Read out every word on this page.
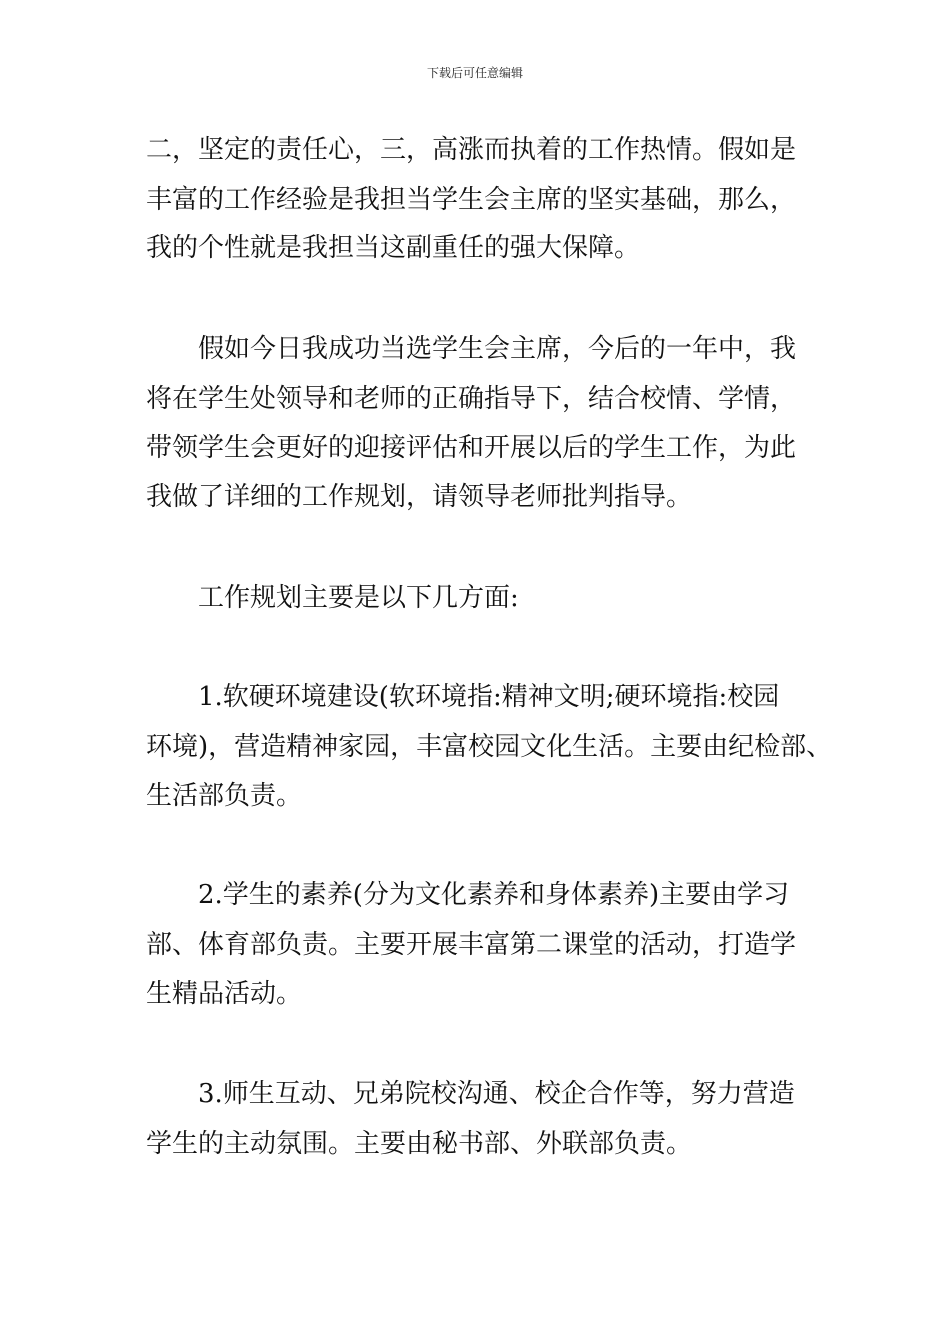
下载后可任意编辑
二，坚定的责任心，三，高涨而执着的工作热情。假如是
丰富的工作经验是我担当学生会主席的坚实基础，那么，
我的个性就是我担当这副重任的强大保障。
假如今日我成功当选学生会主席，今后的一年中，我
将在学生处领导和老师的正确指导下，结合校情、学情，
带领学生会更好的迎接评估和开展以后的学生工作，为此
我做了详细的工作规划，请领导老师批判指导。
工作规划主要是以下几方面:
1.软硬环境建设(软环境指:精神文明;硬环境指:校园
环境)，营造精神家园，丰富校园文化生活。主要由纪检部、
生活部负责。
2.学生的素养(分为文化素养和身体素养)主要由学习
部、体育部负责。主要开展丰富第二课堂的活动，打造学
生精品活动。
3.师生互动、兄弟院校沟通、校企合作等，努力营造
学生的主动氛围。主要由秘书部、外联部负责。
